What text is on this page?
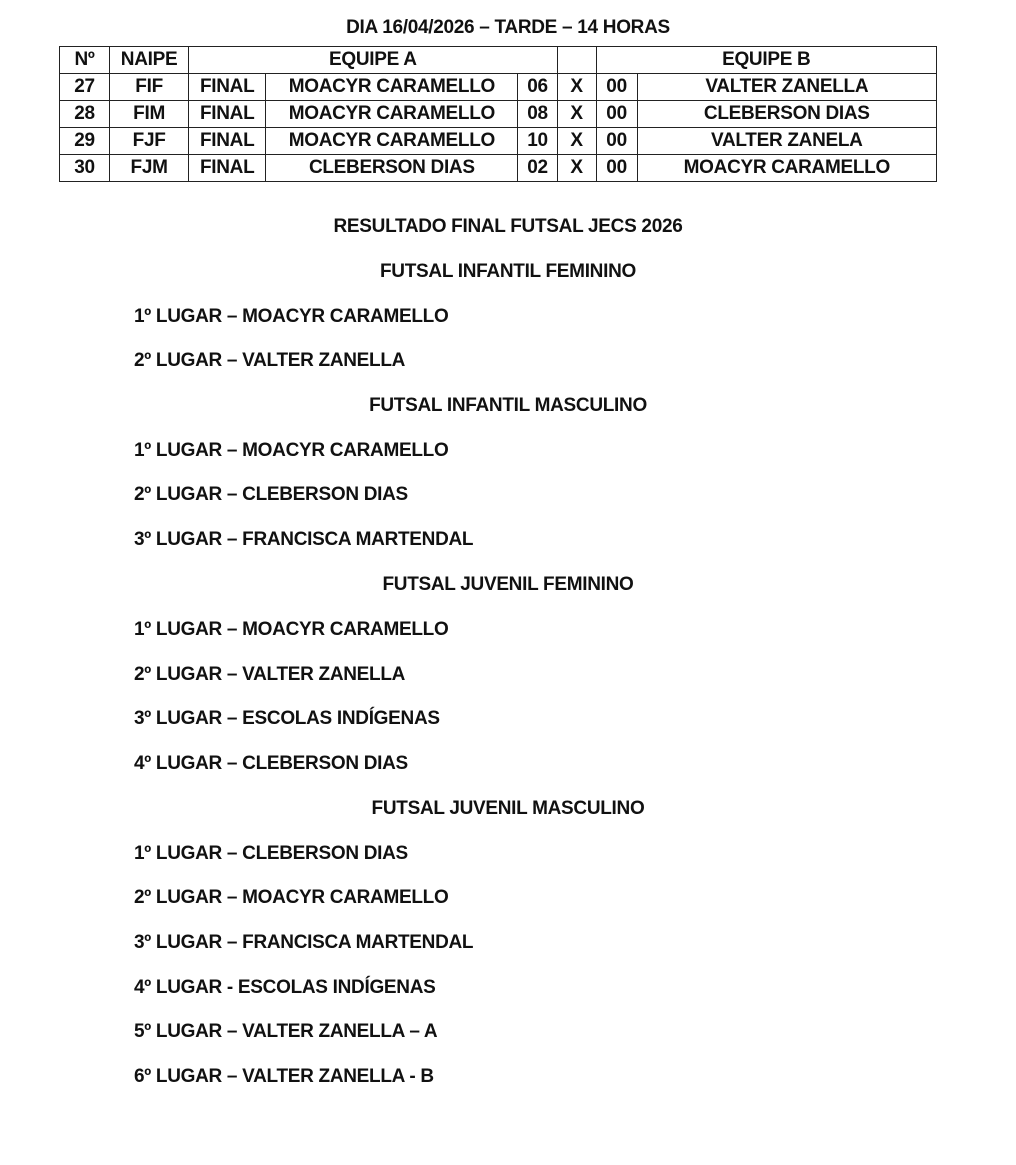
DIA 16/04/2026 – TARDE – 14 HORAS
Nº	NAIPE	EQUIPE A				EQUIPE B	
27	FIF	FINAL	MOACYR CARAMELLO	06	X	00	VALTER ZANELLA
28	FIM	FINAL	MOACYR CARAMELLO	08	X	00	CLEBERSON DIAS
29	FJF	FINAL	MOACYR CARAMELLO	10	X	00	VALTER ZANELA
30	FJM	FINAL	CLEBERSON DIAS	02	X	00	MOACYR CARAMELLO
RESULTADO FINAL FUTSAL JECS 2026
FUTSAL INFANTIL FEMININO
1º LUGAR – MOACYR CARAMELLO
2º LUGAR – VALTER ZANELLA
FUTSAL INFANTIL MASCULINO
1º LUGAR – MOACYR CARAMELLO
2º LUGAR – CLEBERSON DIAS
3º LUGAR – FRANCISCA MARTENDAL
FUTSAL JUVENIL FEMININO
1º LUGAR – MOACYR CARAMELLO
2º LUGAR – VALTER ZANELLA
3º LUGAR – ESCOLAS INDÍGENAS
4º LUGAR – CLEBERSON DIAS
FUTSAL JUVENIL MASCULINO
1º LUGAR – CLEBERSON DIAS
2º LUGAR – MOACYR CARAMELLO
3º LUGAR – FRANCISCA MARTENDAL
4º LUGAR - ESCOLAS INDÍGENAS
5º LUGAR – VALTER ZANELLA – A
6º LUGAR – VALTER ZANELLA - B
